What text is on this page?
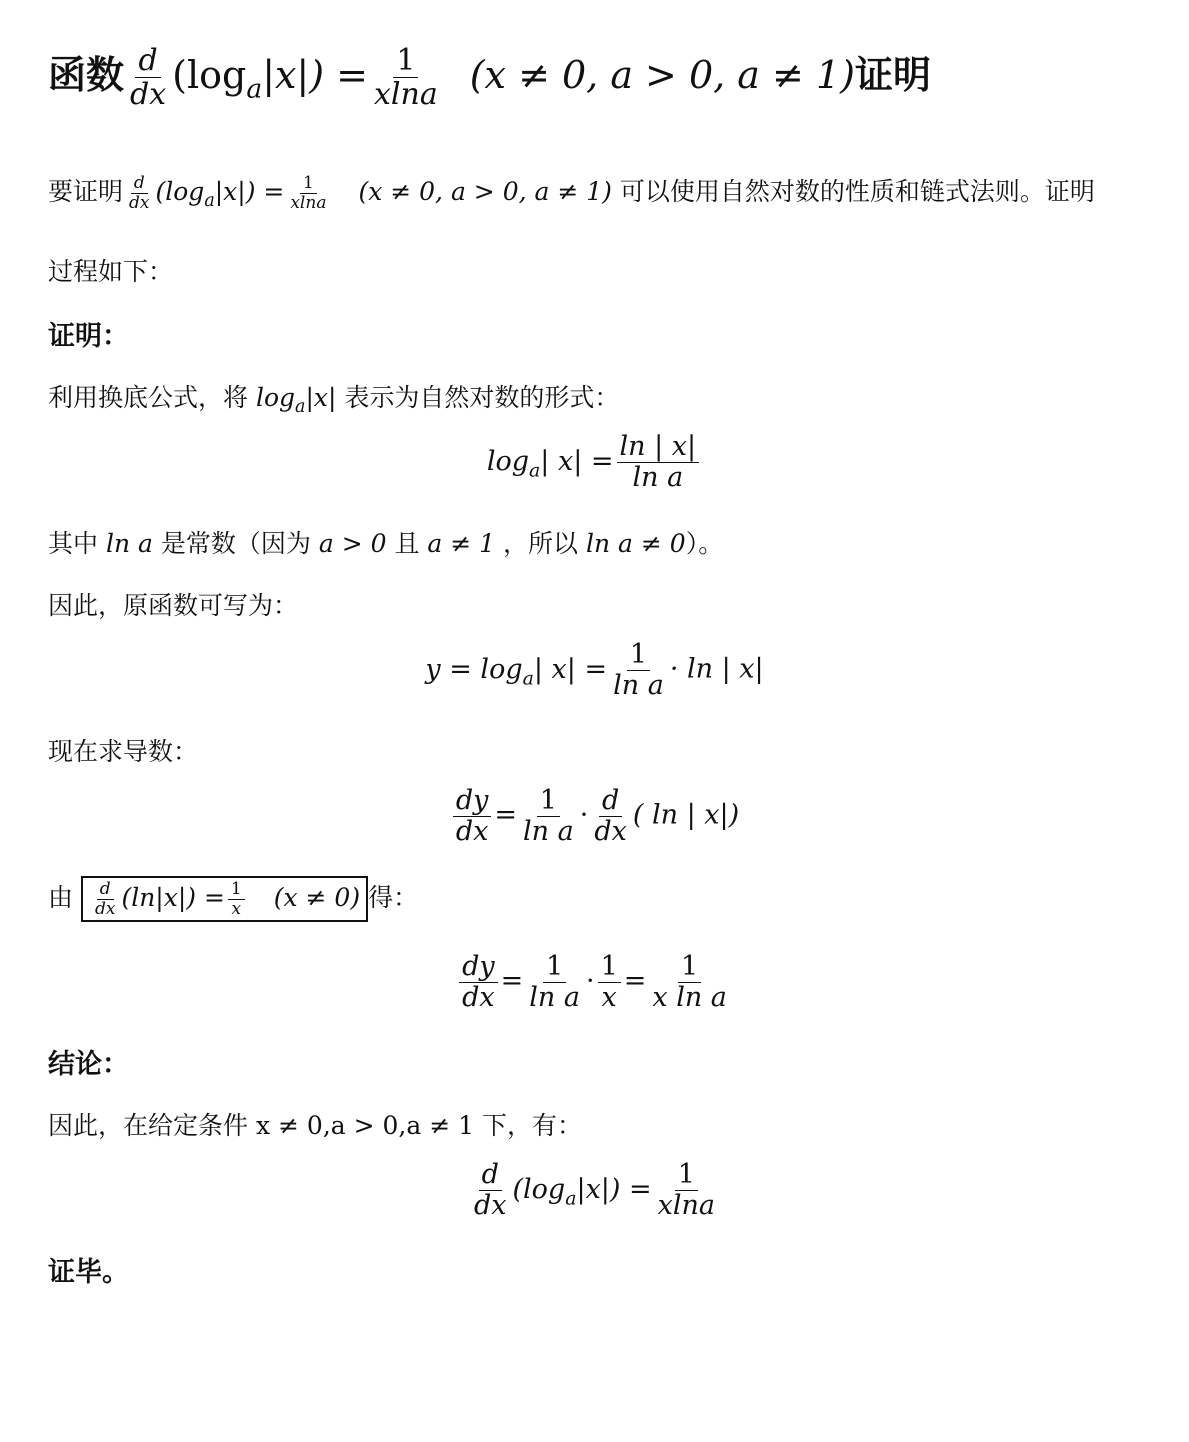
函数 $\frac{d}{dx} (\log_a|x|) = \frac{1}{xlna} (x \ne 0$, a > 0, a ≠ 1)证明
要证明 $\frac{d}{dx} (\log_a|x|) = \frac{1}{xlna} (x \ne 0$, a > 0, a ≠ 1) 可以使用自然对数的性质和链式法则。证明
过程如下：
证明：
利用换底公式，将 $\log_a|x|$ 表示为自然对数的形式：
$\log_a|$ $x| = \frac{\ln | x|}{\text{ln a}}$
其中 ln a 是常数（因为 a > 0 且 a ≠ 1 ，所以 ln a ≠ 0）。
因此，原函数可写为：
$y = \log_a|$ $x| = \frac{1}{\text{ln a}} \cdot \ln$ | x|
现在求导数：
$\frac{dy}{dx} = \frac{1}{\text{ln a}} \cdot \frac{d}{dx}$ ( ln | x|)
由 $\frac{d}{dx} (\ln|x|) = \frac{1}{x} (x \ne 0)$ 得：
$\frac{dy}{dx} = \frac{1}{\text{ln a}} \cdot \frac{1}{x} = \frac{1}{\text{x ln a}}$
结论：
因此，在给定条件 x ≠ 0,a > 0,a ≠ 1 下，有：
$\frac{d}{dx} (\log_a|x|) = \frac{1}{xlna}$
证毕。
